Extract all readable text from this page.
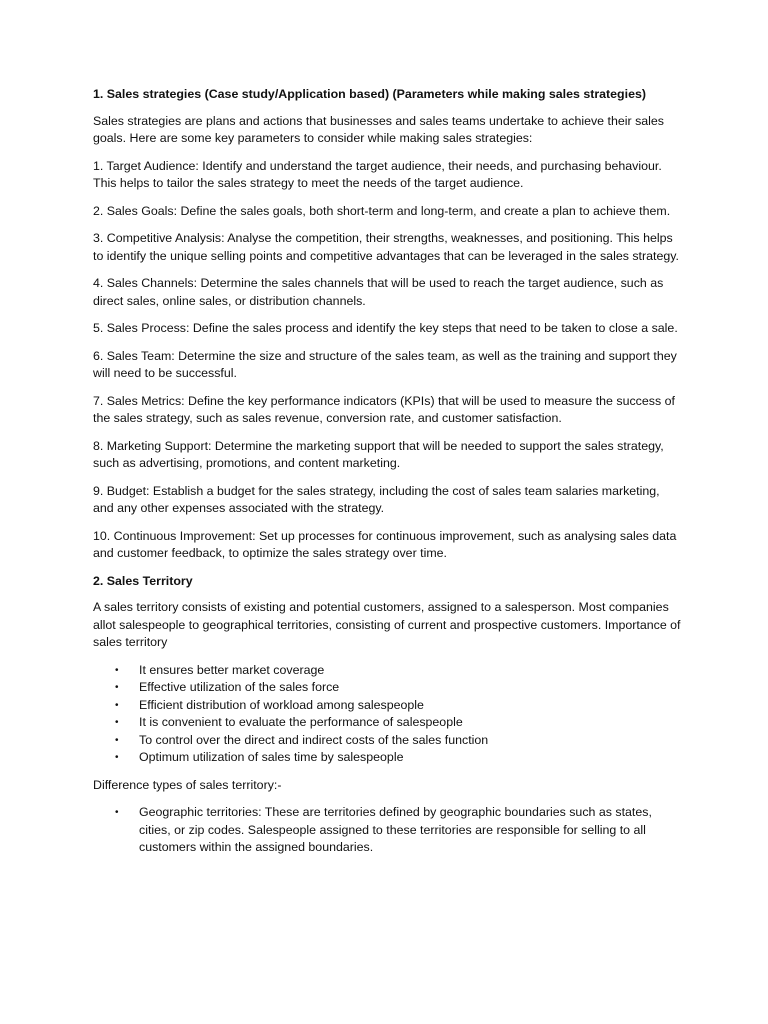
1. Sales strategies (Case study/Application based) (Parameters while making sales strategies)
Sales strategies are plans and actions that businesses and sales teams undertake to achieve their sales goals. Here are some key parameters to consider while making sales strategies:
1. Target Audience: Identify and understand the target audience, their needs, and purchasing behaviour. This helps to tailor the sales strategy to meet the needs of the target audience.
2. Sales Goals: Define the sales goals, both short-term and long-term, and create a plan to achieve them.
3. Competitive Analysis: Analyse the competition, their strengths, weaknesses, and positioning. This helps to identify the unique selling points and competitive advantages that can be leveraged in the sales strategy.
4. Sales Channels: Determine the sales channels that will be used to reach the target audience, such as direct sales, online sales, or distribution channels.
5. Sales Process: Define the sales process and identify the key steps that need to be taken to close a sale.
6. Sales Team: Determine the size and structure of the sales team, as well as the training and support they will need to be successful.
7. Sales Metrics: Define the key performance indicators (KPIs) that will be used to measure the success of the sales strategy, such as sales revenue, conversion rate, and customer satisfaction.
8. Marketing Support: Determine the marketing support that will be needed to support the sales strategy, such as advertising, promotions, and content marketing.
9. Budget: Establish a budget for the sales strategy, including the cost of sales team salaries marketing, and any other expenses associated with the strategy.
10. Continuous Improvement: Set up processes for continuous improvement, such as analysing sales data and customer feedback, to optimize the sales strategy over time.
2. Sales Territory
A sales territory consists of existing and potential customers, assigned to a salesperson. Most companies allot salespeople to geographical territories, consisting of current and prospective customers. Importance of sales territory
• It ensures better market coverage
• Effective utilization of the sales force
• Efficient distribution of workload among salespeople
• It is convenient to evaluate the performance of salespeople
• To control over the direct and indirect costs of the sales function
• Optimum utilization of sales time by salespeople
Difference types of sales territory:-
• Geographic territories: These are territories defined by geographic boundaries such as states, cities, or zip codes. Salespeople assigned to these territories are responsible for selling to all customers within the assigned boundaries.
